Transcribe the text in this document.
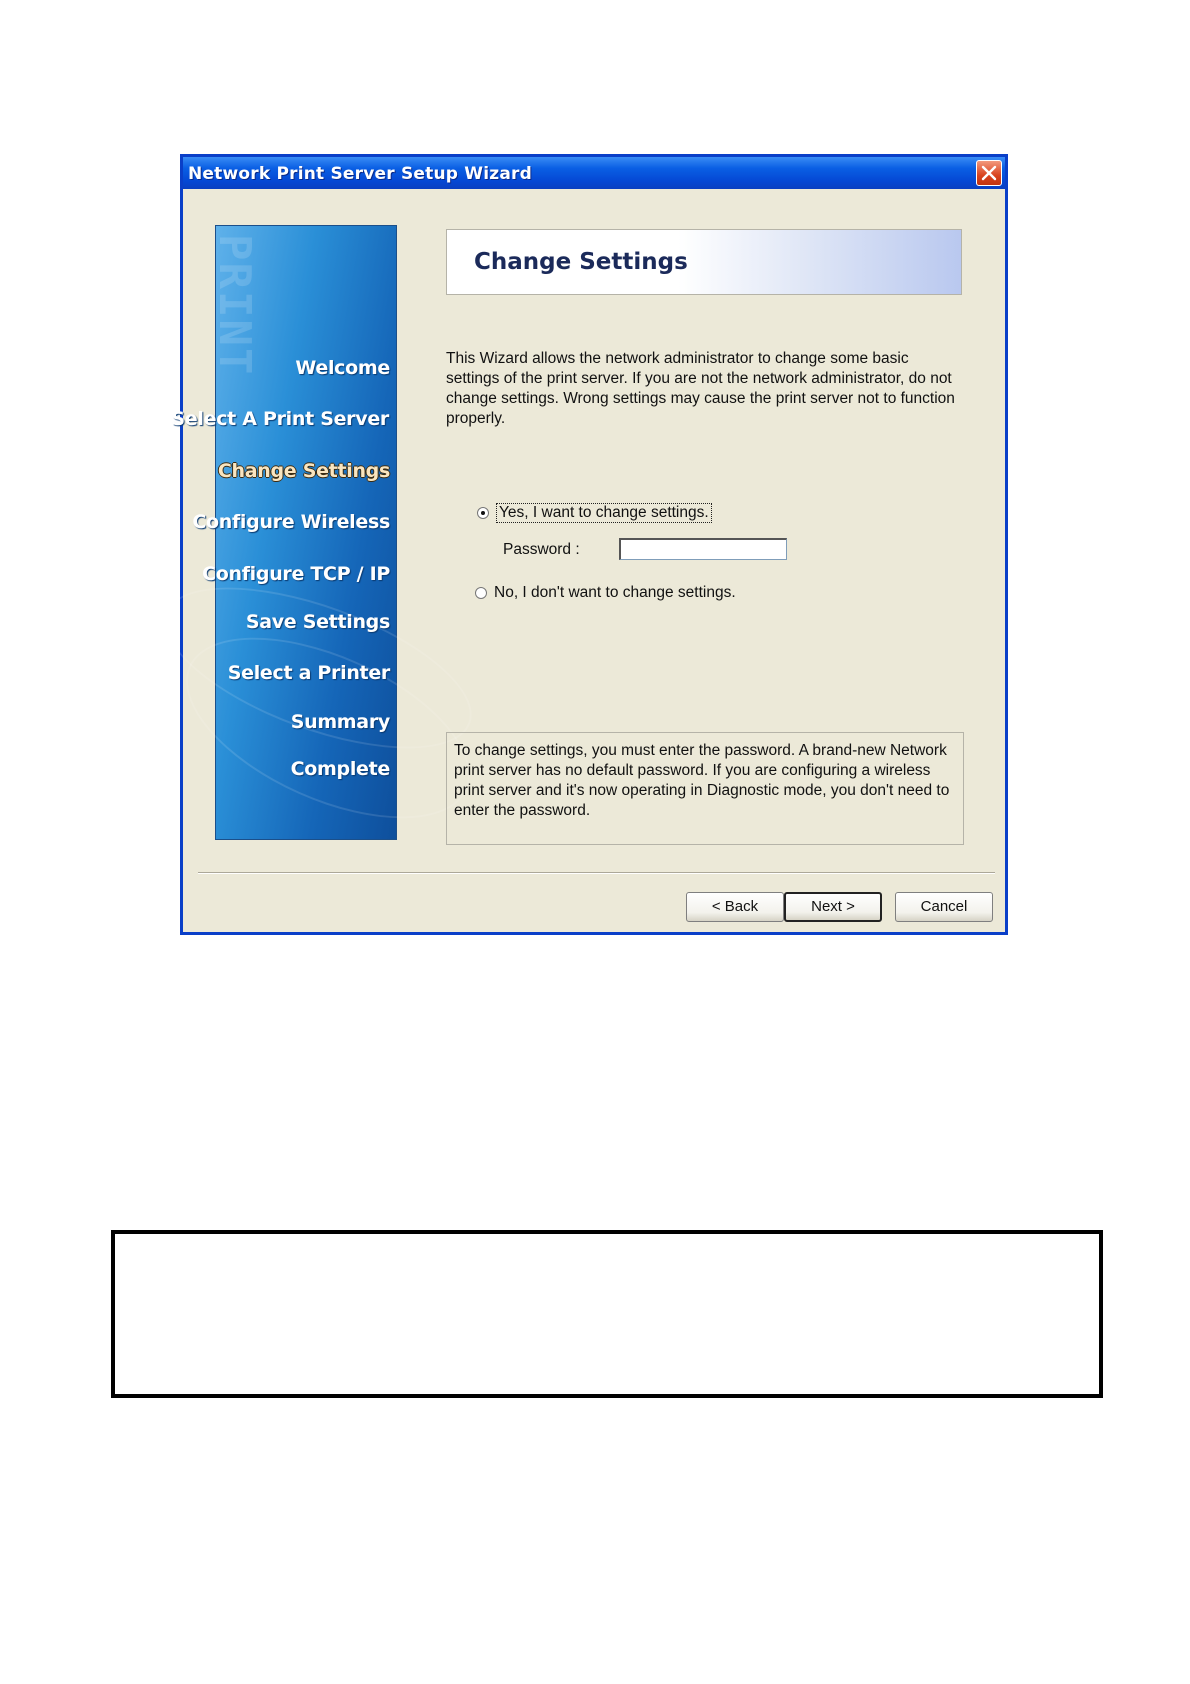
Network Print Server Setup Wizard
PRINT Welcome
Select A Print Server
Change Settings
Configure Wireless
Configure TCP / IP
Save Settings
Select a Printer
Summary
Complete
Change Settings
This Wizard allows the network administrator to change some basic settings of the print server. If you are not the network administrator, do not change settings. Wrong settings may cause the print server not to function properly.
Yes, I want to change settings.
Password :
No, I don't want to change settings.
To change settings, you must enter the password. A brand-new Network print server has no default password. If you are configuring a wireless print server and it's now operating in Diagnostic mode, you don't need to enter the password.
< Back	Next >	Cancel
